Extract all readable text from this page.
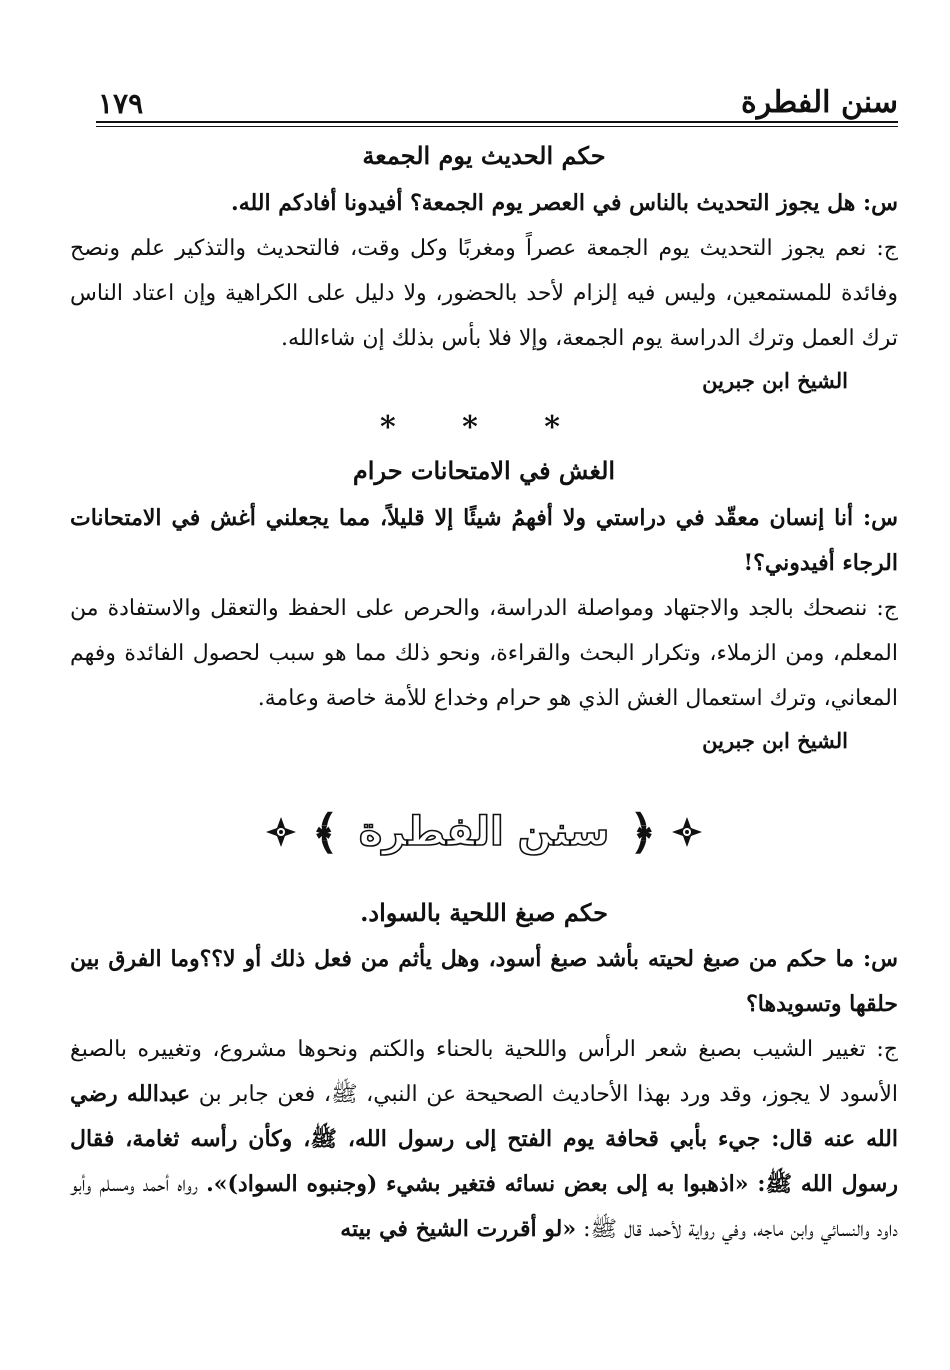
سنن الفطرة
١٧٩
حكم الحديث يوم الجمعة

س: هل يجوز التحديث بالناس في العصر يوم الجمعة؟ أفيدونا أفادكم الله.

ج: نعم يجوز التحديث يوم الجمعة عصراً ومغربًا وكل وقت، فالتحديث والتذكير علم ونصح وفائدة للمستمعين، وليس فيه إلزام لأحد بالحضور، ولا دليل على الكراهية وإن اعتاد الناس ترك العمل وترك الدراسة يوم الجمعة، وإلا فلا بأس بذلك إن شاءالله.

الشيخ ابن جبرين

* * *
الغش في الامتحانات حرام

س: أنا إنسان معقّد في دراستي ولا أفهمُ شيئًا إلا قليلاً، مما يجعلني أغش في الامتحانات الرجاء أفيدوني؟!

ج: ننصحك بالجد والاجتهاد ومواصلة الدراسة، والحرص على الحفظ والتعقل والاستفادة من المعلم، ومن الزملاء، وتكرار البحث والقراءة، ونحو ذلك مما هو سبب لحصول الفائدة وفهم المعاني، وترك استعمال الغش الذي هو حرام وخداع للأمة خاصة وعامة.

الشيخ ابن جبرين

﴿
سنن الفطرة
﴾
حكم صبغ اللحية بالسواد.

س: ما حكم من صبغ لحيته بأشد صبغ أسود، وهل يأثم من فعل ذلك أو لا؟؟وما الفرق بين حلقها وتسويدها؟

ج: تغيير الشيب بصبغ شعر الرأس واللحية بالحناء والكتم ونحوها مشروع، وتغييره بالصبغ الأسود لا يجوز، وقد ورد بهذا الأحاديث الصحيحة عن النبي، ﷺ، فعن جابر بن عبدالله رضي الله عنه قال: جيء بأبي قحافة يوم الفتح إلى رسول الله، ﷺ، وكأن رأسه ثغامة، فقال رسول الله ﷺ: «اذهبوا به إلى بعض نسائه فتغير بشيء (وجنبوه السواد)». رواه أحمد ومسلم وأبو داود والنسائي وابن ماجه، وفي رواية لأحمد قال ﷺ: «لو أقررت الشيخ في بيته
